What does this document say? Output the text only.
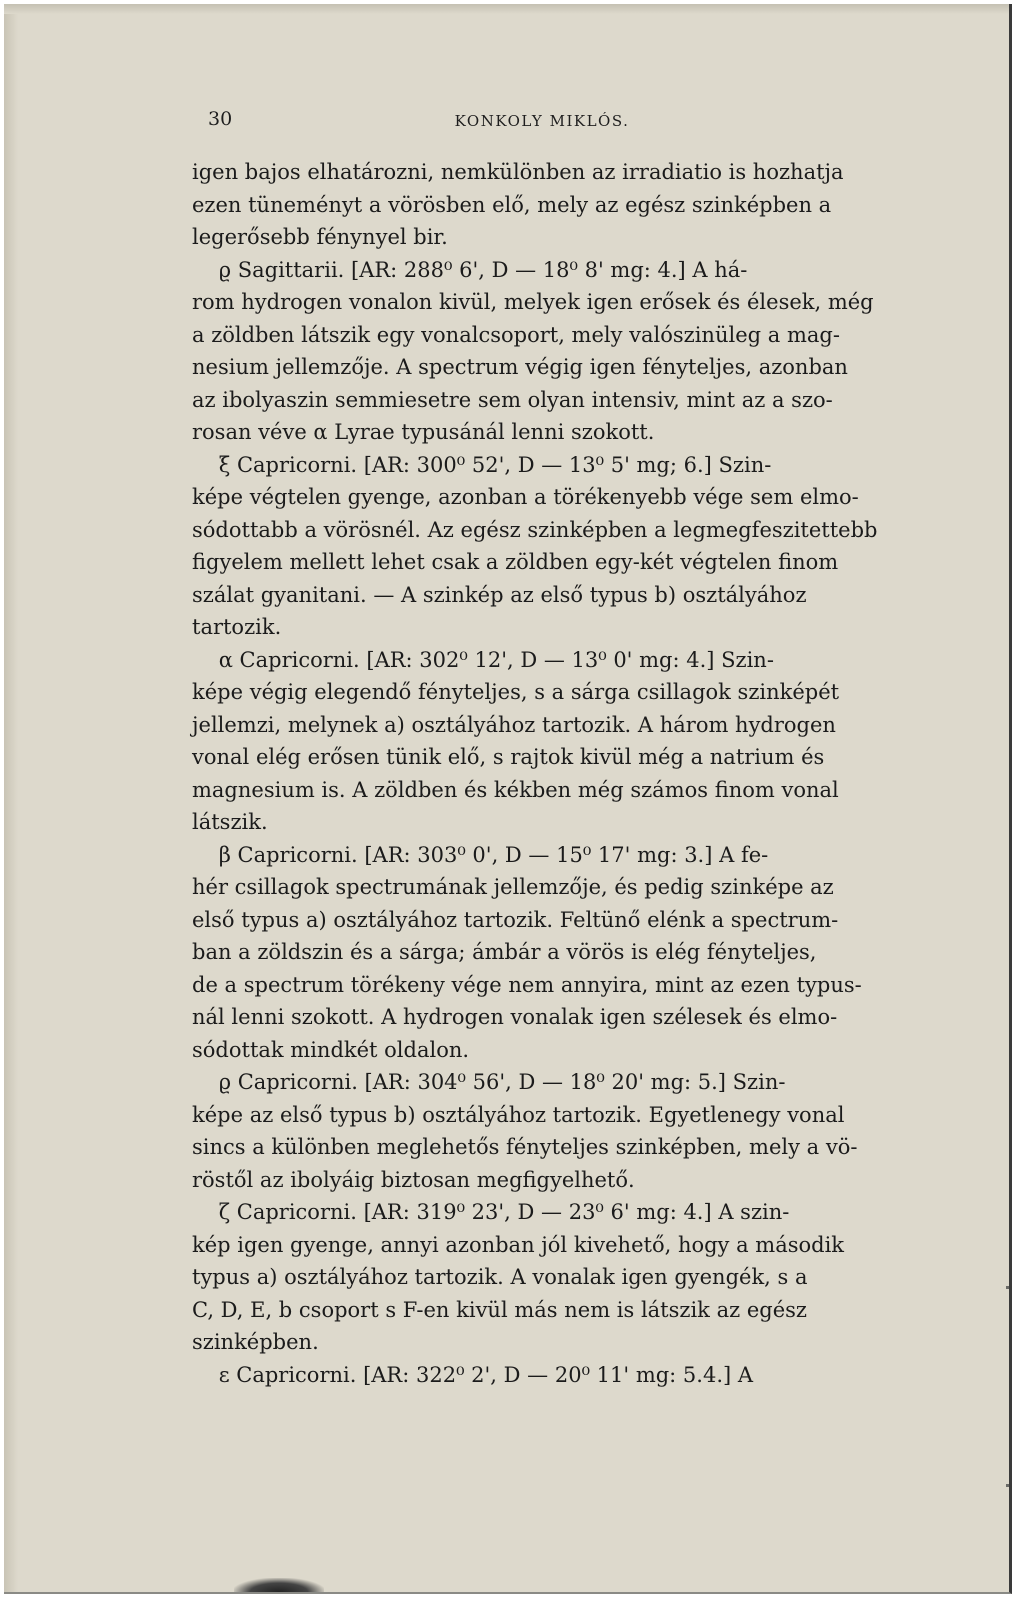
30	KONKOLY MIKLÓS.
igen bajos elhatározni, nemkülönben az irradiatio is hozhatja
ezen tüneményt a vörösben elő, mely az egész szinképben a
legerősebb fénynyel bir.
ϱ Sagittarii. [AR: 288⁰ 6', D — 18⁰ 8' mg: 4.] A há-
rom hydrogen vonalon kivül, melyek igen erősek és élesek, még
a zöldben látszik egy vonalcsoport, mely valószinüleg a mag-
nesium jellemzője. A spectrum végig igen fényteljes, azonban
az ibolyaszin semmiesetre sem olyan intensiv, mint az a szo-
rosan véve α Lyrae typusánál lenni szokott.
ξ Capricorni. [AR: 300⁰ 52', D — 13⁰ 5' mg; 6.] Szin-
képe végtelen gyenge, azonban a törékenyebb vége sem elmo-
sódottabb a vörösnél. Az egész szinképben a legmegfeszitettebb
figyelem mellett lehet csak a zöldben egy-két végtelen finom
szálat gyanitani. — A szinkép az első typus b) osztályához
tartozik.
α Capricorni. [AR: 302⁰ 12', D — 13⁰ 0' mg: 4.] Szin-
képe végig elegendő fényteljes, s a sárga csillagok szinképét
jellemzi, melynek a) osztályához tartozik. A három hydrogen
vonal elég erősen tünik elő, s rajtok kivül még a natrium és
magnesium is. A zöldben és kékben még számos finom vonal
látszik.
β Capricorni. [AR: 303⁰ 0', D — 15⁰ 17' mg: 3.] A fe-
hér csillagok spectrumának jellemzője, és pedig szinképe az
első typus a) osztályához tartozik. Feltünő elénk a spectrum-
ban a zöldszin és a sárga; ámbár a vörös is elég fényteljes,
de a spectrum törékeny vége nem annyira, mint az ezen typus-
nál lenni szokott. A hydrogen vonalak igen szélesek és elmo-
sódottak mindkét oldalon.
ϱ Capricorni. [AR: 304⁰ 56', D — 18⁰ 20' mg: 5.] Szin-
képe az első typus b) osztályához tartozik. Egyetlenegy vonal
sincs a különben meglehetős fényteljes szinképben, mely a vö-
röstől az ibolyáig biztosan megfigyelhető.
ζ Capricorni. [AR: 319⁰ 23', D — 23⁰ 6' mg: 4.] A szin-
kép igen gyenge, annyi azonban jól kivehető, hogy a második
typus a) osztályához tartozik. A vonalak igen gyengék, s a
C, D, E, b csoport s F-en kivül más nem is látszik az egész
szinképben.
ε Capricorni. [AR: 322⁰ 2', D — 20⁰ 11' mg: 5.4.] A
